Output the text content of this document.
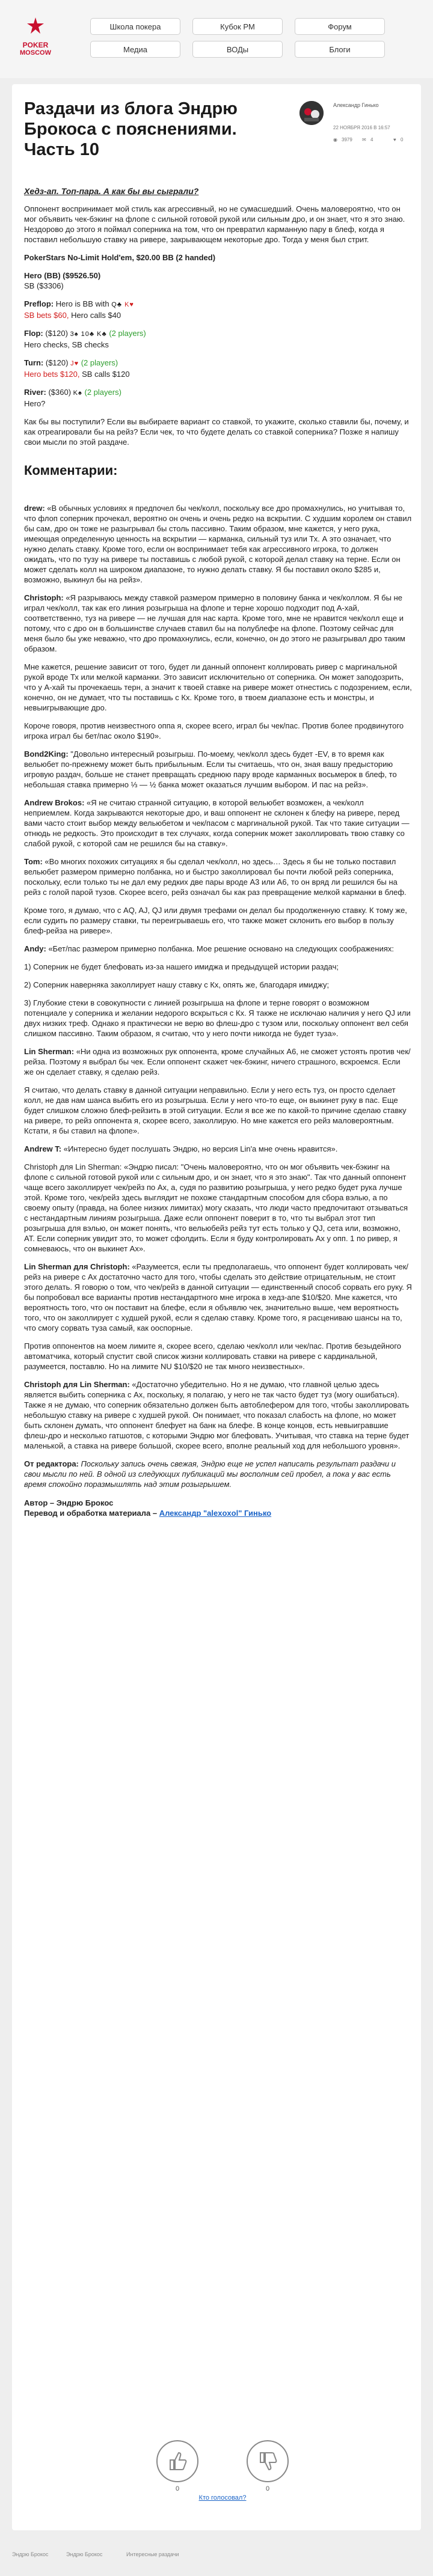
POKER
MOSCOW
Школа покера	Кубок PM	Форум
Медиа	ВОДы	Блоги
Раздачи из блога Эндрю Брокоса с пояснениями. Часть 10
Александр Гинько
22 НОЯБРЯ 2016 В 16:57
◉ 3979 ✉ 4	♥ 0

Хедз-ап. Топ-пара. А как бы вы сыграли?

Оппонент воспринимает мой стиль как агрессивный, но не сумасшедший. Очень маловероятно, что он мог объявить чек-бэкинг на флопе с сильной готовой рукой или сильным дро, и он знает, что я это знаю. Нездорово до этого я поймал соперника на том, что он превратил карманную пару в блеф, когда я поставил небольшую ставку на ривере, закрывающем некоторые дро. Тогда у меня был стрит.

PokerStars No-Limit Hold'em, $20.00 BB (2 handed)

Hero (BB) ($9526.50)
SB ($3306)

Preflop: Hero is BB with Q♣ K♥
SB bets $60, Hero calls $40

Flop: ($120) 3♠ 10♣ K♣ (2 players)
Hero checks, SB checks

Turn: ($120) J♥ (2 players)
Hero bets $120, SB calls $120

River: ($360) K♠ (2 players)
Hero?

Как бы вы поступили? Если вы выбираете вариант со ставкой, то укажите, сколько ставили бы, почему, и как отреагировали бы на рейз? Если чек, то что будете делать со ставкой соперника? Позже я напишу свои мысли по этой раздаче.

Комментарии:

drew: «В обычных условиях я предпочел бы чек/колл, поскольку все дро промахнулись, но учитывая то, что флоп соперник прочекал, вероятно он очень и очень редко на вскрытии. С худшим королем он ставил бы сам, дро он тоже не разыгрывал бы столь пассивно. Таким образом, мне кажется, у него рука, имеющая определенную ценность на вскрытии — карманка, сильный туз или Тх. А это означает, что нужно делать ставку. Кроме того, если он воспринимает тебя как агрессивного игрока, то должен ожидать, что по тузу на ривере ты поставишь с любой рукой, с которой делал ставку на терне. Если он может сделать колл на широком диапазоне, то нужно делать ставку. Я бы поставил около $285 и, возможно, выкинул бы на рейз».

Christoph: «Я разрываюсь между ставкой размером примерно в половину банка и чек/коллом. Я бы не играл чек/колл, так как его линия розыгрыша на флопе и терне хорошо подходит под А-хай, соответственно, туз на ривере — не лучшая для нас карта. Кроме того, мне не нравится чек/колл еще и потому, что с дро он в большинстве случаев ставил бы на полублефе на флопе. Поэтому сейчас для меня было бы уже неважно, что дро промахнулись, если, конечно, он до этого не разыгрывал дро таким образом.

Мне кажется, решение зависит от того, будет ли данный оппонент коллировать ривер с маргинальной рукой вроде Тх или мелкой карманки. Это зависит исключительно от соперника. Он может заподозрить, что у А-хай ты прочекаешь терн, а значит к твоей ставке на ривере может отнестись с подозрением, если, конечно, он не думает, что ты поставишь с Кх. Кроме того, в твоем диапазоне есть и монстры, и невыигрывающие дро.

Короче говоря, против неизвестного оппа я, скорее всего, играл бы чек/пас. Против более продвинутого игрока играл бы бет/пас около $190».

Bond2King: "Довольно интересный розыгрыш. По-моему, чек/колл здесь будет -EV, в то время как вельюбет по-прежнему может быть прибыльным. Если ты считаешь, что он, зная вашу предысторию игровую раздач, больше не станет превращать среднюю пару вроде карманных восьмерок в блеф, то небольшая ставка примерно ⅓ — ½ банка может оказаться лучшим выбором. И пас на рейз».

Andrew Brokos: «Я не считаю странной ситуацию, в которой вельюбет возможен, а чек/колл неприемлем. Когда закрываются некоторые дро, и ваш оппонент не склонен к блефу на ривере, перед вами часто стоит выбор между вельюбетом и чек/пасом с маргинальной рукой. Так что такие ситуации — отнюдь не редкость. Это происходит в тех случаях, когда соперник может заколлировать твою ставку со слабой рукой, с которой сам не решился бы на ставку».

Tom: «Во многих похожих ситуациях я бы сделал чек/колл, но здесь… Здесь я бы не только поставил вельюбет размером примерно полбанка, но и быстро заколлировал бы почти любой рейз соперника, поскольку, если только ты не дал ему редких две пары вроде А3 или А6, то он вряд ли решился бы на рейз с голой парой тузов. Скорее всего, рейз означал бы как раз превращение мелкой карманки в блеф.

Кроме того, я думаю, что с AQ, AJ, QJ или двумя трефами он делал бы продолженную ставку. К тому же, если судить по размеру ставки, ты переигрываешь его, что также может склонить его выбор в пользу блеф-рейза на ривере».

Andy: «Бет/пас размером примерно полбанка. Мое решение основано на следующих соображениях:

1) Соперник не будет блефовать из-за нашего имиджа и предыдущей истории раздач;

2) Соперник наверняка заколлирует нашу ставку с Кх, опять же, благодаря имиджу;

3) Глубокие стеки в совокупности с линией розыгрыша на флопе и терне говорят о возможном потенциале у соперника и желании недорого вскрыться с Кх. Я также не исключаю наличия у него QJ или двух низких треф. Однако я практически не верю во флеш-дро с тузом или, поскольку оппонент вел себя слишком пассивно. Таким образом, я считаю, что у него почти никогда не будет туза».

Lin Sherman: «Ни одна из возможных рук оппонента, кроме случайных А6, не сможет устоять против чек/рейза. Поэтому я выбрал бы чек. Если оппонент скажет чек-бэкинг, ничего страшного, вскроемся. Если же он сделает ставку, я сделаю рейз.

Я считаю, что делать ставку в данной ситуации неправильно. Если у него есть туз, он просто сделает колл, не дав нам шанса выбить его из розыгрыша. Если у него что-то еще, он выкинет руку в пас. Еще будет слишком сложно блеф-рейзить в этой ситуации. Если я все же по какой-то причине сделаю ставку на ривере, то рейз оппонента я, скорее всего, заколлирую. Но мне кажется его рейз маловероятным. Кстати, я бы ставил на флопе».

Andrew T: «Интересно будет послушать Эндрю, но версия Lin'а мне очень нравится».

Christoph для Lin Sherman: «Эндрю писал: "Очень маловероятно, что он мог объявить чек-бэкинг на флопе с сильной готовой рукой или с сильным дро, и он знает, что я это знаю". Так что данный оппонент чаще всего заколлирует чек/рейз по Ах, а, судя по развитию розыгрыша, у него редко будет рука лучше этой. Кроме того, чек/рейз здесь выглядит не похоже стандартным способом для сбора вэлью, а по своему опыту (правда, на более низких лимитах) могу сказать, что люди часто предпочитают отзываться с нестандартным линиям розыгрыша. Даже если оппонент поверит в то, что ты выбрал этот тип розыгрыша для вэлью, он может понять, что вельюбейз рейз тут есть только у QJ, сета или, возможно, AT. Если соперник увидит это, то может сфолдить. Если я буду контролировать Ах у опп. 1 по ривер, я сомневаюсь, что он выкинет Ах».

Lin Sherman для Christoph: «Разумеется, если ты предполагаешь, что оппонент будет коллировать чек/рейз на ривере с Ах достаточно часто для того, чтобы сделать это действие отрицательным, не стоит этого делать. Я говорю о том, что чек/рейз в данной ситуации — единственный способ сорвать его руку. Я бы попробовал все варианты против нестандартного мне игрока в хедз-апе $10/$20. Мне кажется, что вероятность того, что он поставит на блефе, если я объявлю чек, значительно выше, чем вероятность того, что он заколлирует с худшей рукой, если я сделаю ставку. Кроме того, я расцениваю шансы на то, что смогу сорвать туза самый, как ооспорные.

Против оппонентов на моем лимите я, скорее всего, сделаю чек/колл или чек/пас. Против безыдейного автоматчика, который спустит свой список жизни коллировать ставки на ривере с кардинальной, разумеется, поставлю. Но на лимите NU $10/$20 не так много неизвестных».

Christoph для Lin Sherman: «Достаточно убедительно. Но я не думаю, что главной целью здесь является выбить соперника с Ах, поскольку, я полагаю, у него не так часто будет туз (могу ошибаться). Также я не думаю, что соперник обязательно должен быть автоблефером для того, чтобы заколлировать небольшую ставку на ривере с худшей рукой. Он понимает, что показал слабость на флопе, но может быть склонен думать, что оппонент блефует на банк на блефе. В конце концов, есть невыигравшие флеш-дро и несколько гатшотов, с которыми Эндрю мог блефовать. Учитывая, что ставка на терне будет маленькой, а ставка на ривере большой, скорее всего, вполне реальный ход для небольшого уровня».

От редактора: Поскольку запись очень свежая, Эндрю еще не успел написать результат раздачи и свои мысли по ней. В одной из следующих публикаций мы восполним сей пробел, а пока у вас есть время спокойно поразмышлять над этим розыгрышем.

Автор – Эндрю Брокос
Перевод и обработка материала – Александр "alexoxol" Гинько

0	0
Кто голосовал?
Эндрю Брокос	Эндрю Брокос	Интересные раздачи
